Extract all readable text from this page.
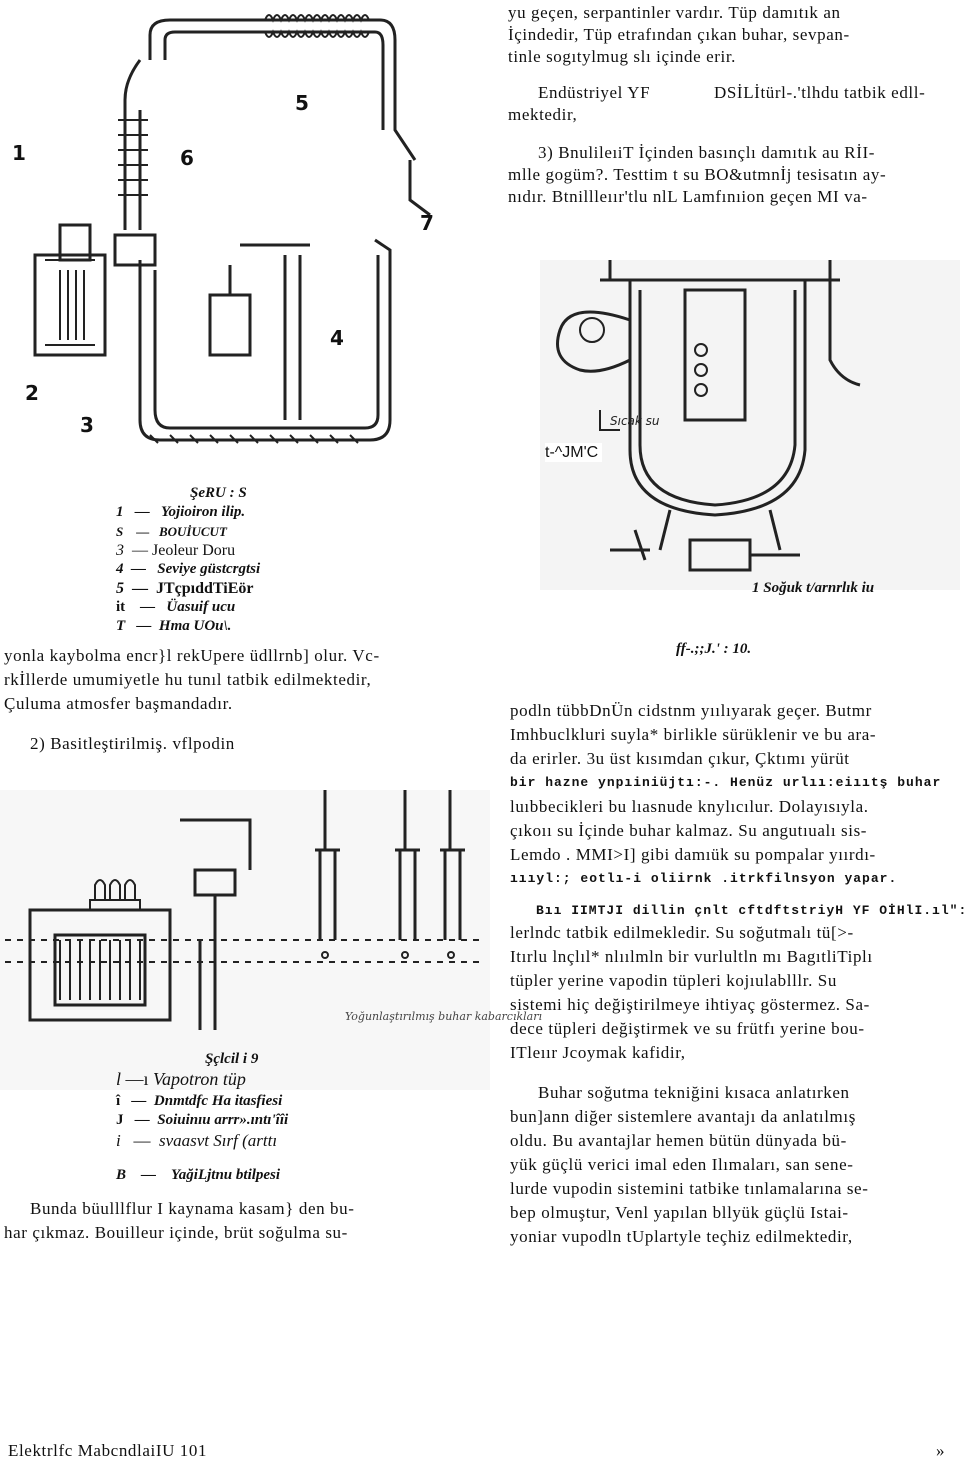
yu geçen, serpantinler vardır. Tüp damıtık an
İçindedir, Tüp etrafından çıkan buhar, sevpan-
tinle sogıtylmug slı içinde erir.
Endüstriyel YF	DSİLİtürl-.'tlhdu tatbik edll-
mektedir,
3) BnulileıiT İçinden basınçlı damıtık au RİI-
mlle gogüm?. Testtim t su BO&utmnİj tesisatın ay-
nıdır. Btnillleıır'tlu nlL Lamfınıion geçen MI va-
1
2
3
4
5
6
7
ŞeRU : S
1 — Yojioiron ilip.
S — BOUİUCUT
3 — Jeoleur Doru
4 — Seviye güstcrgtsi
5 — JTçpıddTiEör
it — Üasuif ucu
T — Hma UOu\.
Sıcak su
t-^JM'C
1 Soğuk t/arnrlık iu
ff-.;;J.' : 10.
yonla kaybolma encr}l rekUpere üdllrnb] olur. Vc-
rkİllerde umumiyetle hu tunıl tatbik edilmektedir,
Çuluma atmosfer başmandadır.
2) Basitleştirilmiş. vflpodin
podln tübbDnÜn cidstnm yıılıyarak geçer. Butmr
Imhbuclkluri suyla* birlikle sürüklenir ve bu ara-
da erirler. 3u üst kısımdan çıkur, Çktımı yürüt
bir hazne ynpıiniüjtı:-. Henüz urlıı:eiııtş buhar
luıbbecikleri bu lıasnude knylıcılur. Dolayısıyla.
çıkoıı su İçinde buhar kalmaz. Su angutıualı sis-
Lemdo . MMI>I] gibi damıük su pompalar yıırdı-
ıııyl:; eotlı-i oliirnk .itrkfilnsyon yapar.
Yoğunlaştırılmış buhar kabarcıkları
Şçlcil i 9
l —ı Vapotron tüp
î — Dnmtdfc Ha itasfiesi
J — Soiuinıu arrr».ıntı'îîi
i — svaasvt Sırf (arttı
B — YağiLjtnu btilpesi
Bunda büulllflur I kaynama kasam} den bu-
har çıkmaz. Bouilleur içinde, brüt soğulma su-
Bıı IIMTJI dillin çnlt cftdftstriyH YF OİHlI.ıl":
lerlndc tatbik edilmekledir. Su soğutmalı tü[>-
Itırlu lnçlıl* nlıılmln bir vurlultln mı BagıtliTiplı
tüpler yerine vapodin tüpleri kojıulablllr. Su
sistemi hiç değiştirilmeye ihtiyaç göstermez. Sa-
dece tüpleri değiştirmek ve su frütfı yerine bou-
ITleıır Jcoymak kafidir,
Buhar soğutma tekniğini kısaca anlatırken
bun]ann diğer sistemlere avantajı da anlatılmış
oldu. Bu avantajlar hemen bütün dünyada bü-
yük güçlü verici imal eden Ilımaları, san sene-
lurde vupodin sistemini tatbike tınlamalarına se-
bep olmuştur, Venl yapılan bllyük güçlü Istai-
yoniar vupodln tUplartyle teçhiz edilmektedir,
Elektrlfc MabcndlaiIU 101	»
